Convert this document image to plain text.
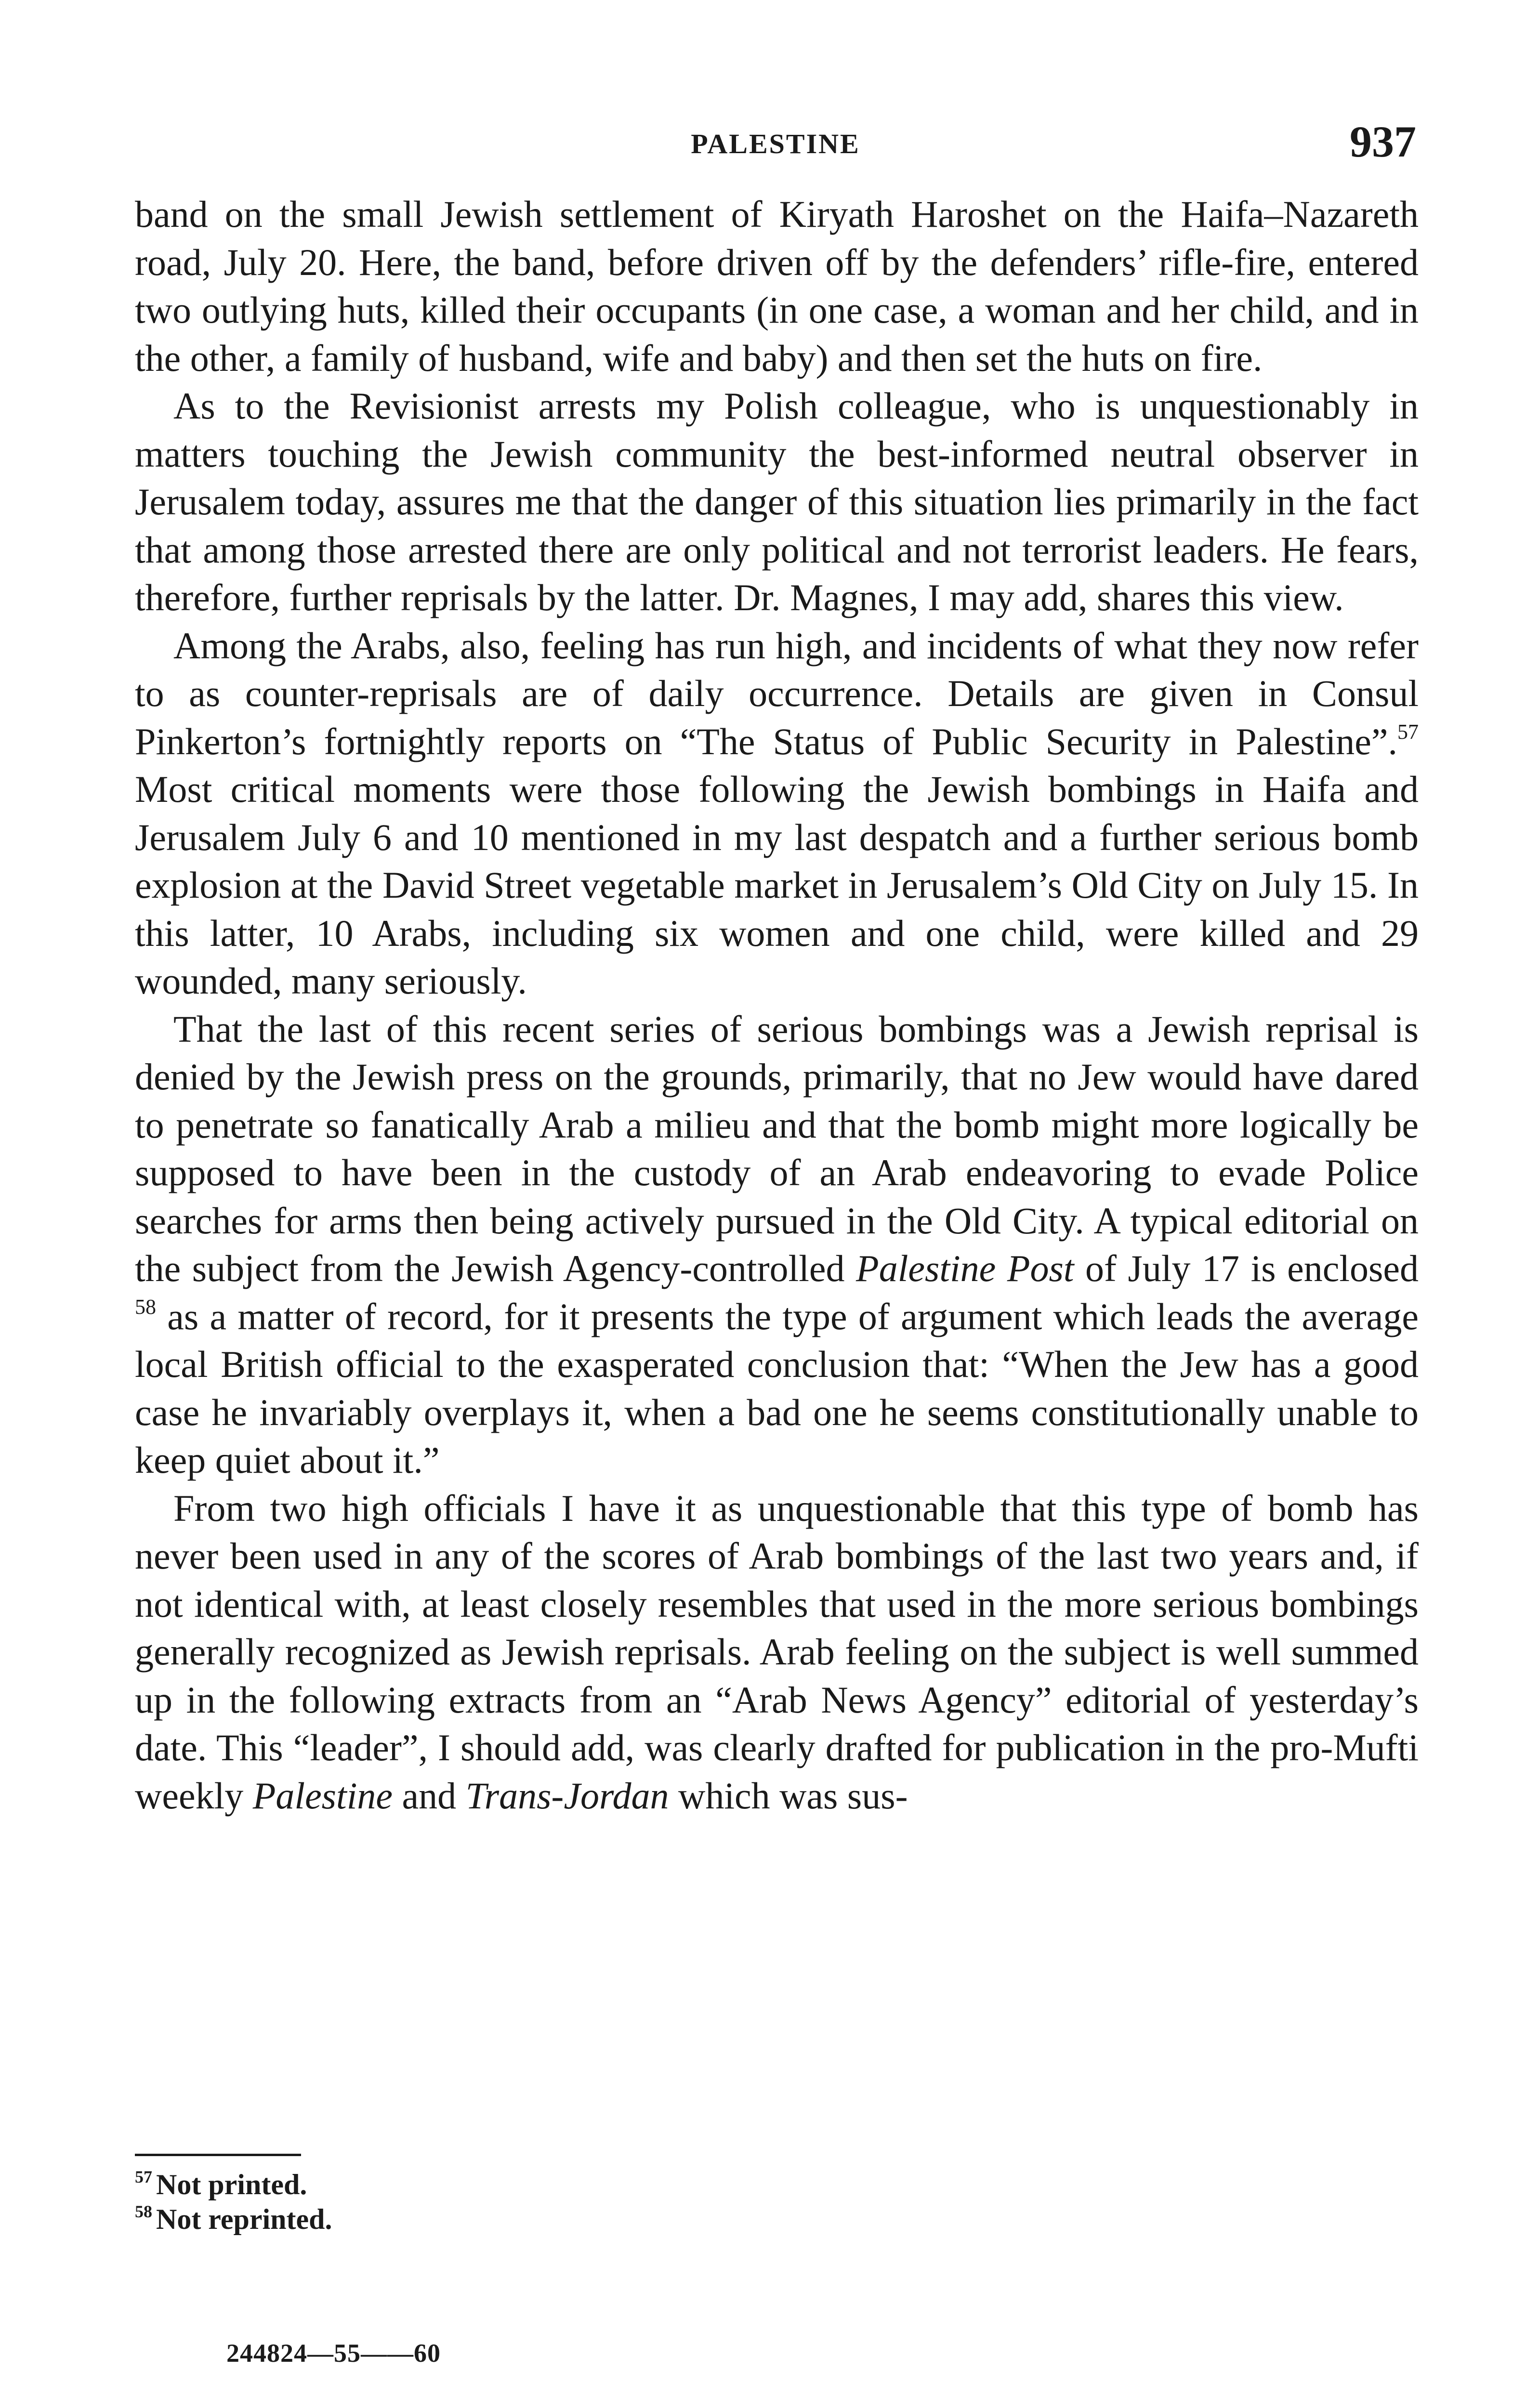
PALESTINE	937

band on the small Jewish settlement of Kiryath Haroshet on the Haifa–Nazareth road, July 20. Here, the band, before driven off by the defenders’ rifle-fire, entered two outlying huts, killed their occupants (in one case, a woman and her child, and in the other, a family of husband, wife and baby) and then set the huts on fire.

As to the Revisionist arrests my Polish colleague, who is unquestionably in matters touching the Jewish community the best-informed neutral observer in Jerusalem today, assures me that the danger of this situation lies primarily in the fact that among those arrested there are only political and not terrorist leaders. He fears, therefore, further reprisals by the latter. Dr. Magnes, I may add, shares this view.

Among the Arabs, also, feeling has run high, and incidents of what they now refer to as counter-reprisals are of daily occurrence. Details are given in Consul Pinkerton’s fortnightly reports on “The Status of Public Security in Palestine”.$^{57}$ Most critical moments were those following the Jewish bombings in Haifa and Jerusalem July 6 and 10 mentioned in my last despatch and a further serious bomb explosion at the David Street vegetable market in Jerusalem’s Old City on July 15. In this latter, 10 Arabs, including six women and one child, were killed and 29 wounded, many seriously.

That the last of this recent series of serious bombings was a Jewish reprisal is denied by the Jewish press on the grounds, primarily, that no Jew would have dared to penetrate so fanatically Arab a milieu and that the bomb might more logically be supposed to have been in the custody of an Arab endeavoring to evade Police searches for arms then being actively pursued in the Old City. A typical editorial on the subject from the Jewish Agency-controlled Palestine Post of July 17 is enclosed $^{58}$ as a matter of record, for it presents the type of argument which leads the average local British official to the exasperated conclusion that: “When the Jew has a good case he invariably overplays it, when a bad one he seems constitutionally unable to keep quiet about it.”

From two high officials I have it as unquestionable that this type of bomb has never been used in any of the scores of Arab bombings of the last two years and, if not identical with, at least closely resembles that used in the more serious bombings generally recognized as Jewish reprisals. Arab feeling on the subject is well summed up in the following extracts from an “Arab News Agency” editorial of yesterday’s date. This “leader”, I should add, was clearly drafted for publication in the pro-Mufti weekly Palestine and Trans-Jordan which was sus-

$^{57}$ Not printed.
$^{58}$ Not reprinted.
244824—55——60
